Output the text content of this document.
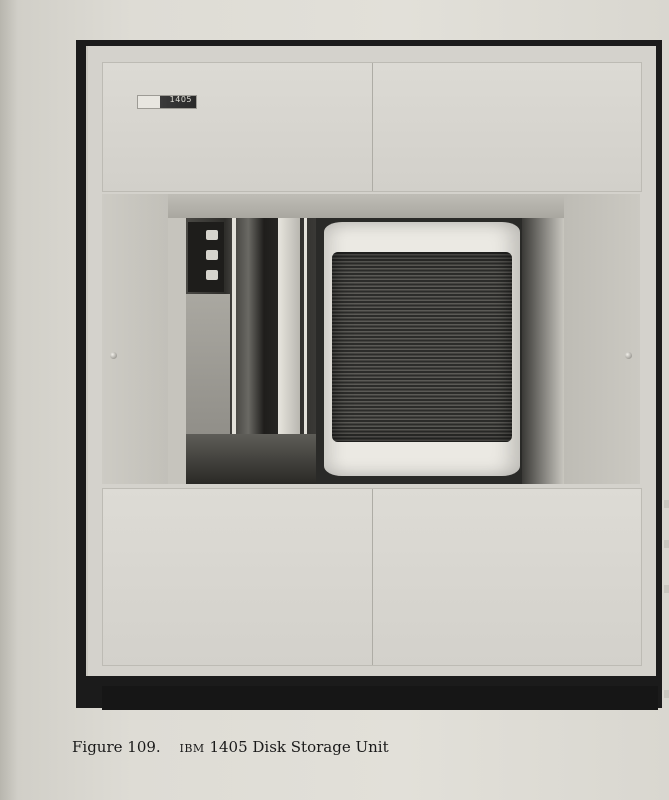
1405
Figure 109. ibm 1405 Disk Storage Unit
